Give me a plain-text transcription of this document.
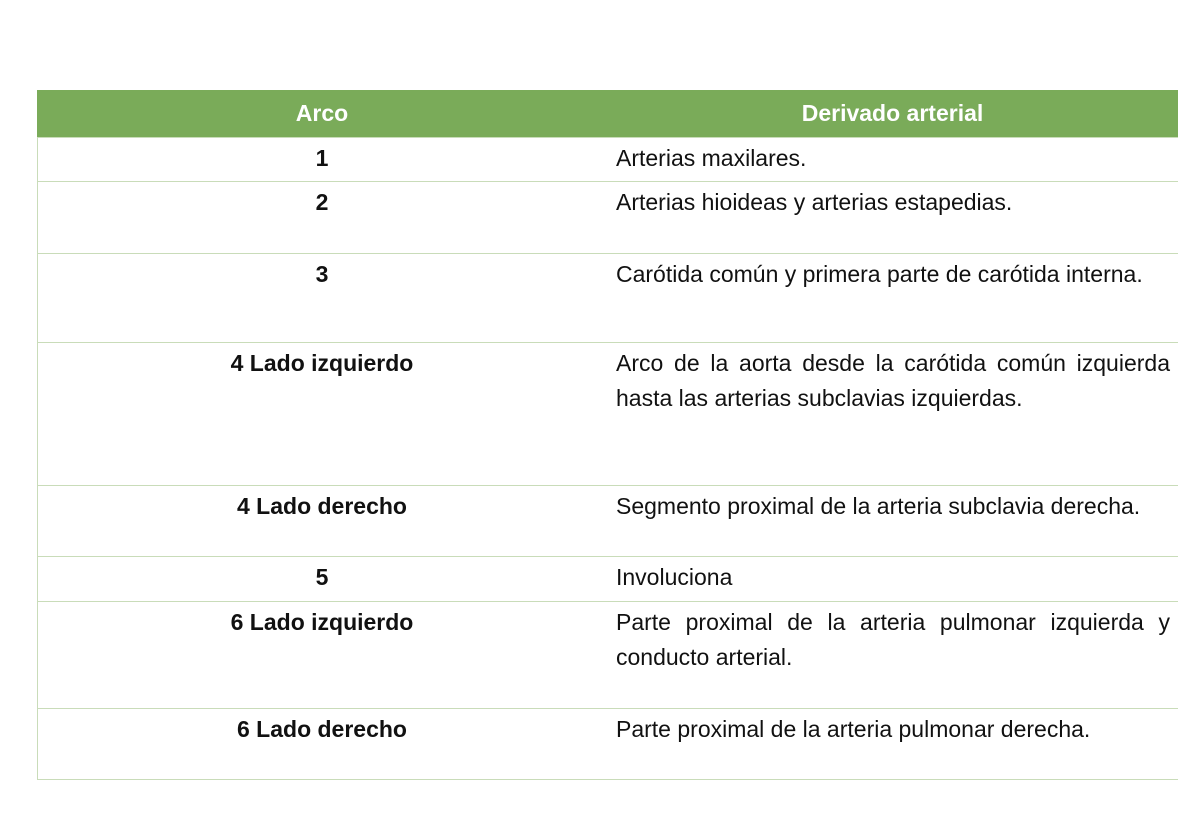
Arco	Derivado arterial
1	Arterias maxilares.
2	Arterias hioideas y arterias estapedias.
3	Carótida común y primera parte de carótida interna.
4 Lado izquierdo	Arco de la aorta desde la carótida común izquierda hasta las arterias subclavias izquierdas.
4 Lado derecho	Segmento proximal de la arteria subclavia derecha.
5	Involuciona
6 Lado izquierdo	Parte proximal de la arteria pulmonar izquierda y conducto arterial.
6 Lado derecho	Parte proximal de la arteria pulmonar derecha.
